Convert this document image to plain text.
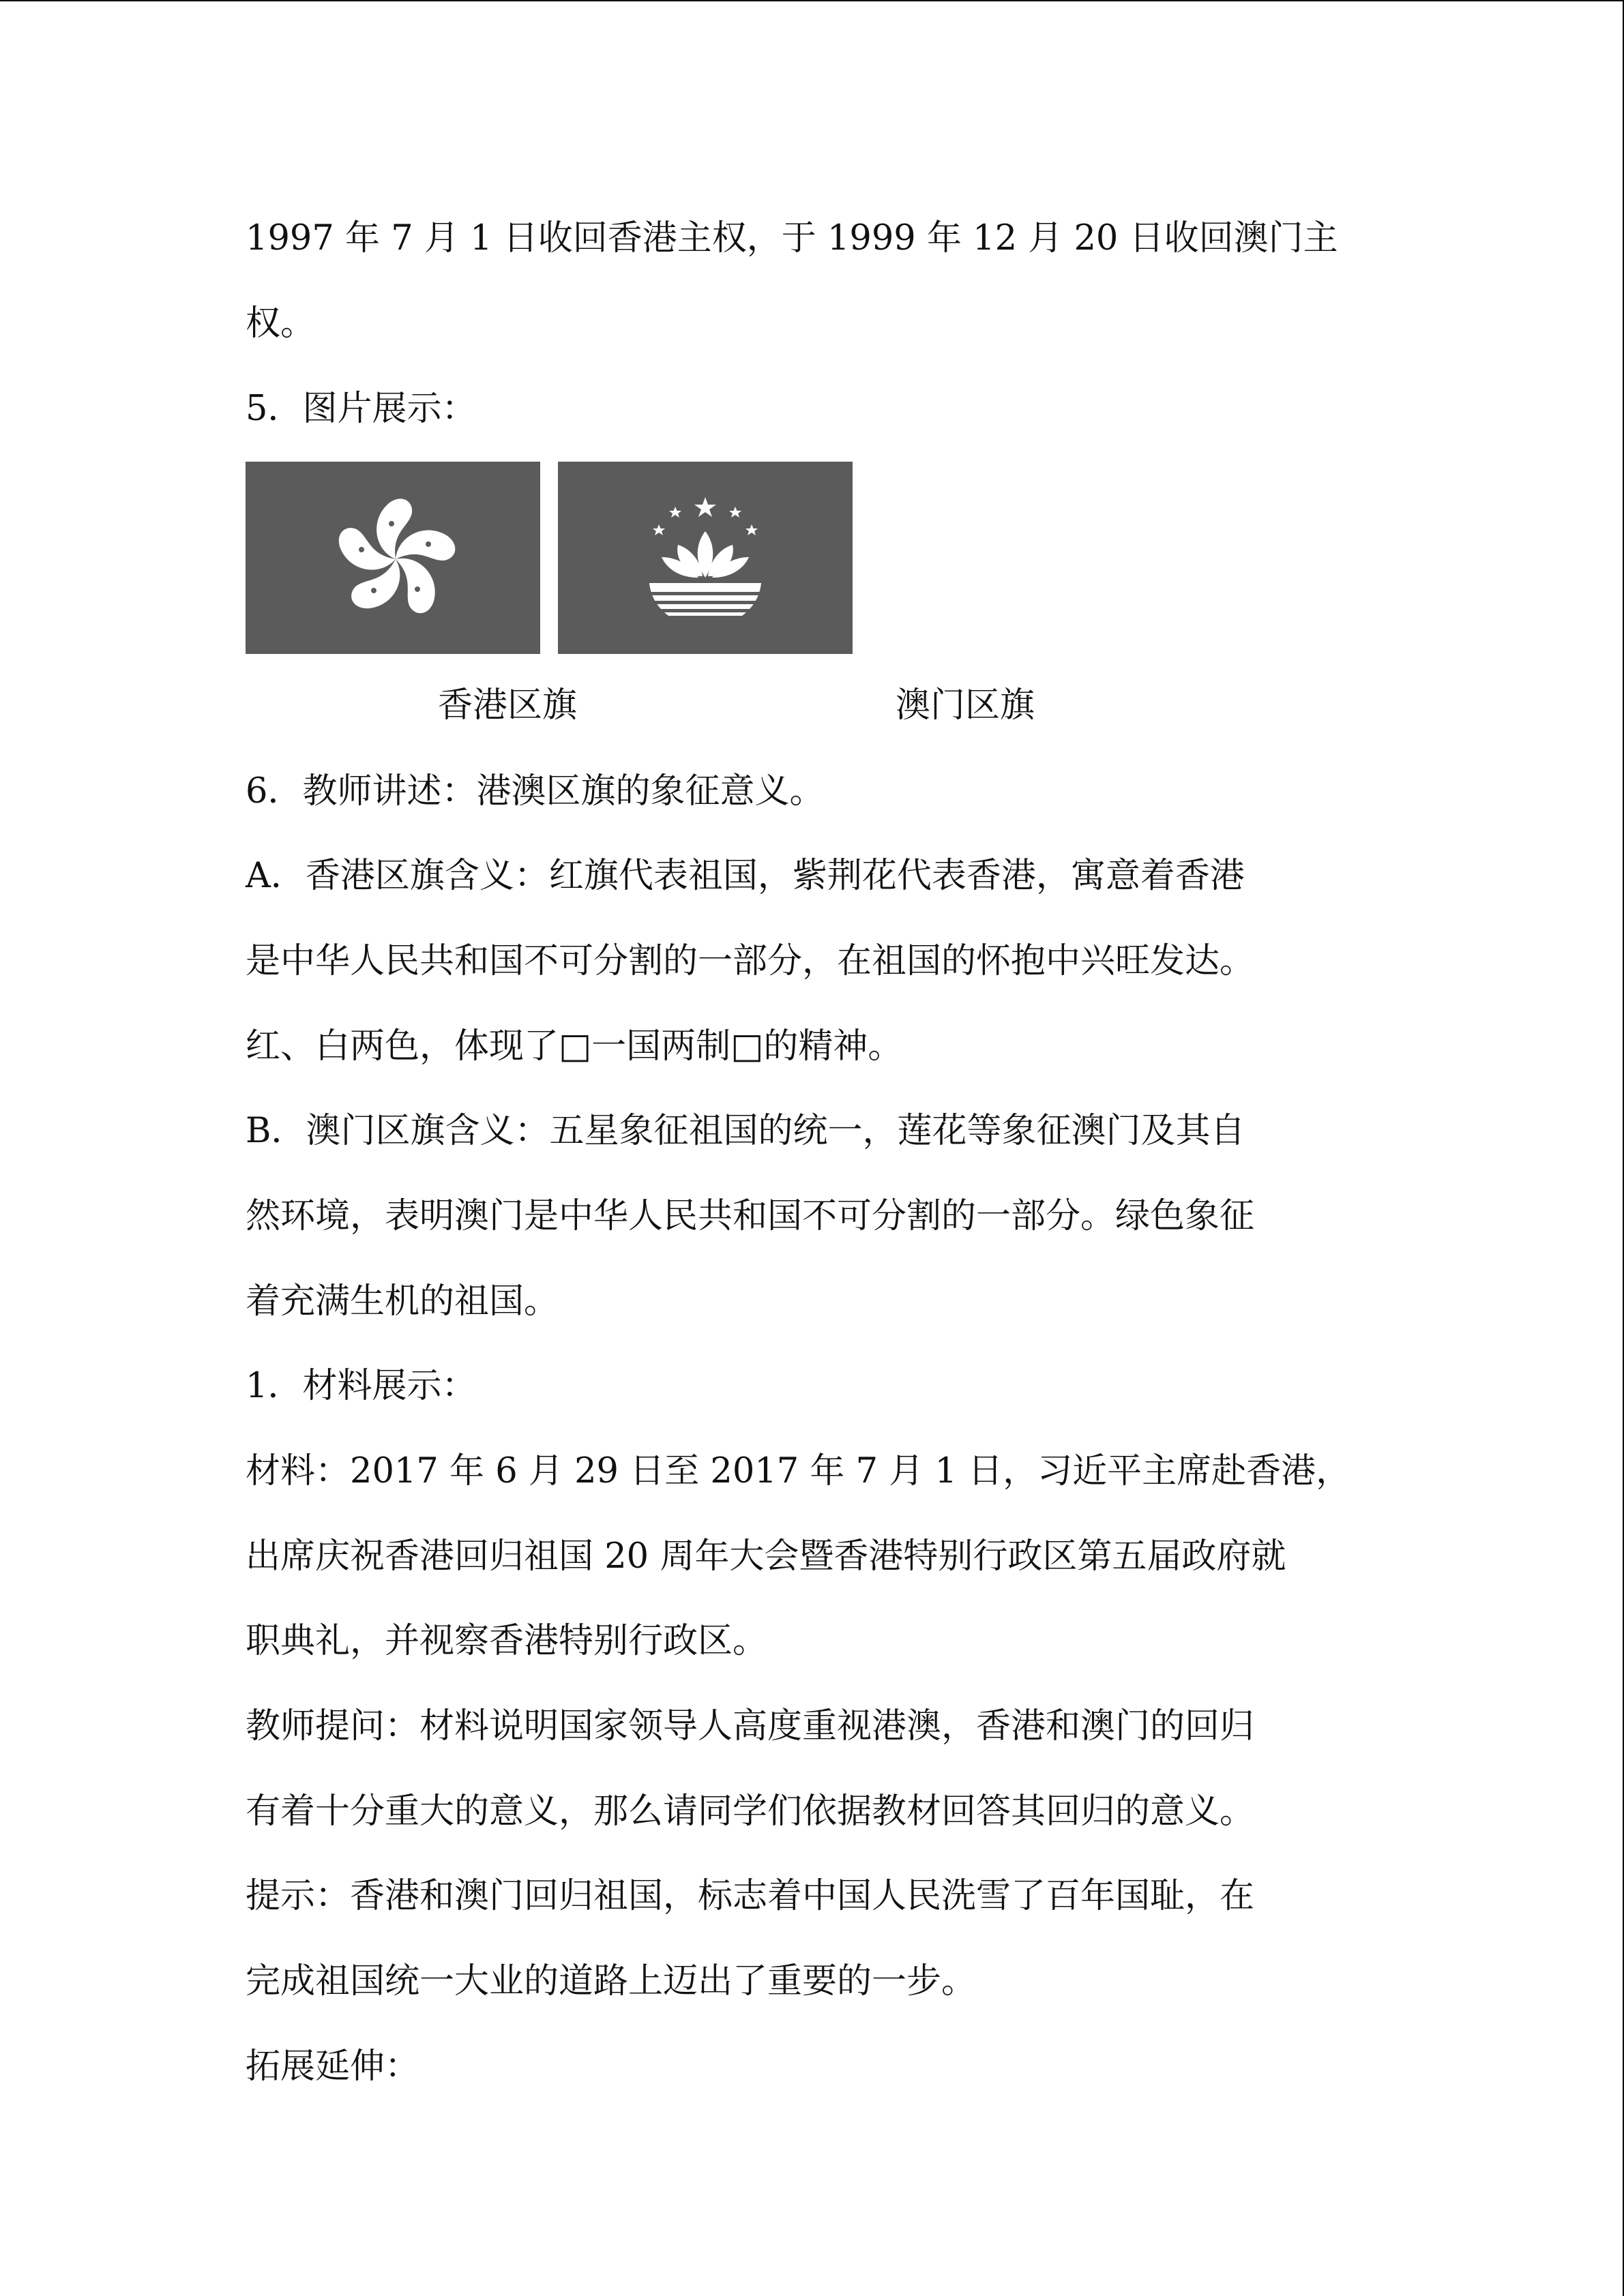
1997 年 7 月 1 日收回香港主权，于 1999 年 12 月 20 日收回澳门主
权。
5．图片展示：
香港区旗	澳门区旗
6．教师讲述：港澳区旗的象征意义。
A．香港区旗含义：红旗代表祖国，紫荆花代表香港，寓意着香港
是中华人民共和国不可分割的一部分，在祖国的怀抱中兴旺发达。
红、白两色，体现了□一国两制□的精神。
B．澳门区旗含义：五星象征祖国的统一，莲花等象征澳门及其自
然环境，表明澳门是中华人民共和国不可分割的一部分。绿色象征
着充满生机的祖国。
1．材料展示：
材料：2017 年 6 月 29 日至 2017 年 7 月 1 日，习近平主席赴香港，
出席庆祝香港回归祖国 20 周年大会暨香港特别行政区第五届政府就
职典礼，并视察香港特别行政区。
教师提问：材料说明国家领导人高度重视港澳，香港和澳门的回归
有着十分重大的意义，那么请同学们依据教材回答其回归的意义。
提示：香港和澳门回归祖国，标志着中国人民洗雪了百年国耻，在
完成祖国统一大业的道路上迈出了重要的一步。
拓展延伸：
